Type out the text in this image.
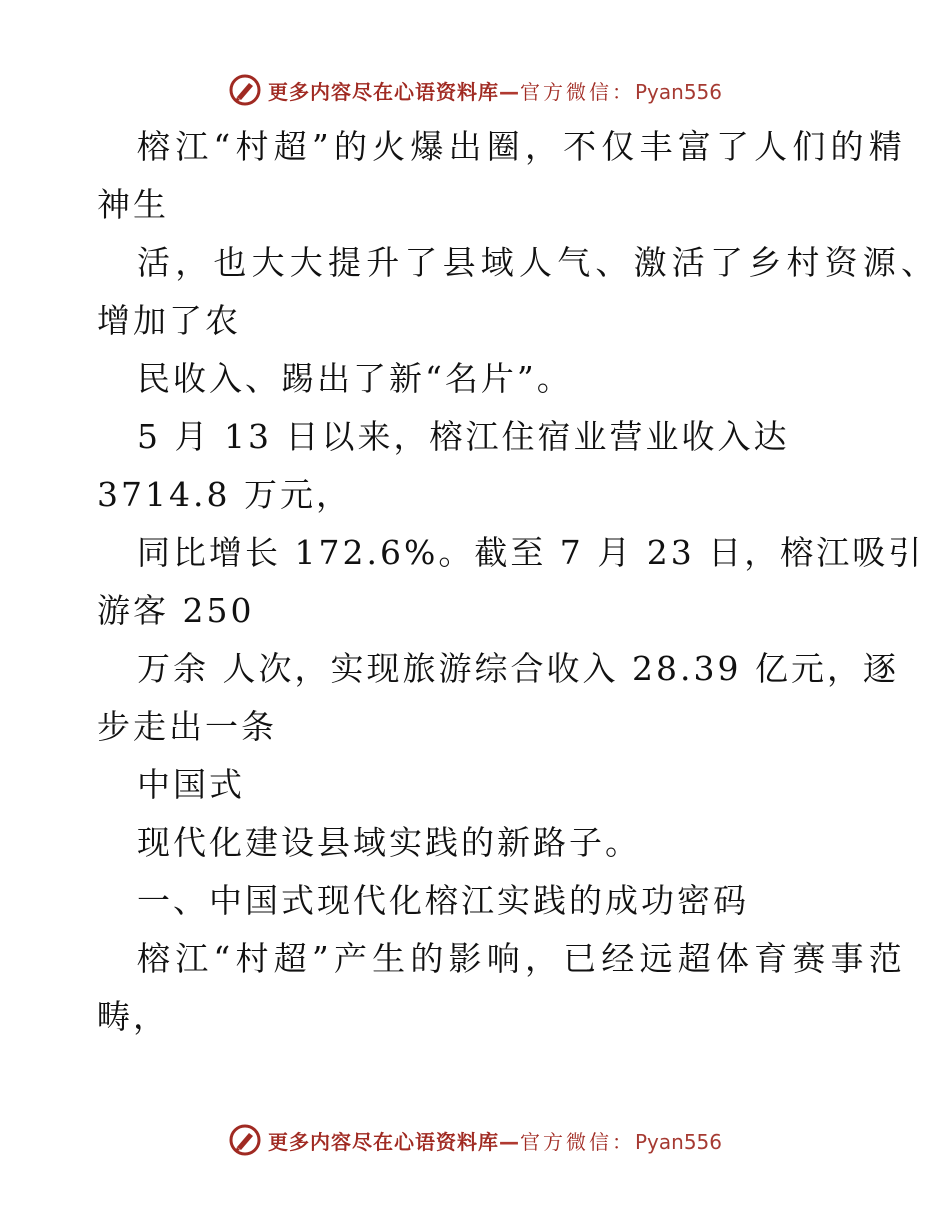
更多内容尽在心语资料库—官方微信：Pyan556
榕江“村超”的火爆出圈，不仅丰富了人们的精
神生
活，也大大提升了县域人气、激活了乡村资源、
增加了农
民收入、踢出了新“名片”。
5 月 13 日以来，榕江住宿业营业收入达
3714.8 万元，
同比增长 172.6%。截至 7 月 23 日，榕江吸引
游客 250
万余 人次，实现旅游综合收入 28.39 亿元，逐
步走出一条
中国式
现代化建设县域实践的新路子。
一、中国式现代化榕江实践的成功密码
榕江“村超”产生的影响，已经远超体育赛事范
畴，
更多内容尽在心语资料库—官方微信：Pyan556
